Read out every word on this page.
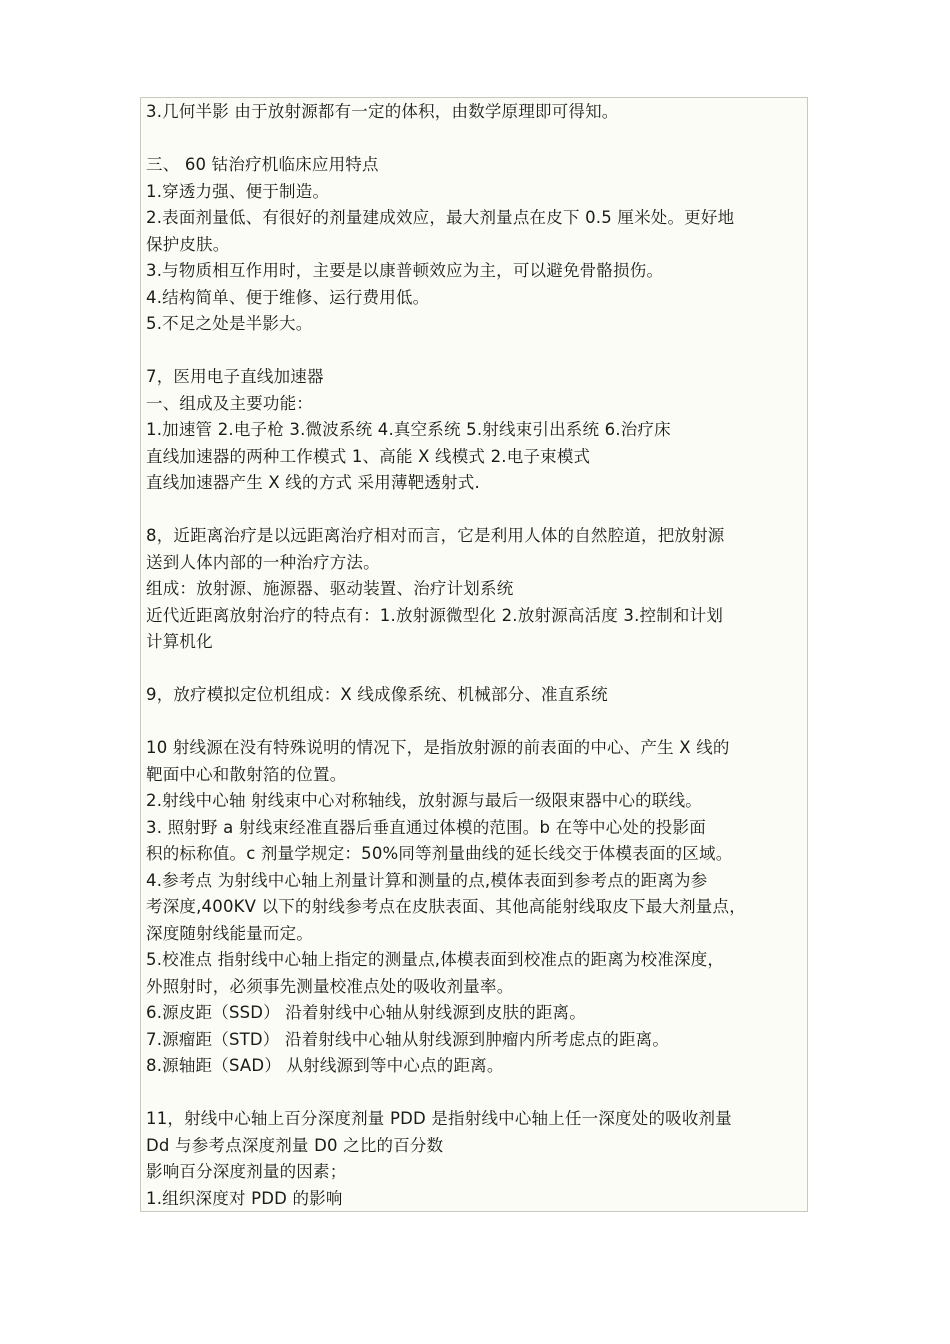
3.几何半影 由于放射源都有一定的体积，由数学原理即可得知。
三、 60 钴治疗机临床应用特点
1.穿透力强、便于制造。
2.表面剂量低、有很好的剂量建成效应，最大剂量点在皮下 0.5 厘米处。更好地
保护皮肤。
3.与物质相互作用时，主要是以康普顿效应为主，可以避免骨骼损伤。
4.结构简单、便于维修、运行费用低。
5.不足之处是半影大。
7，医用电子直线加速器
一、组成及主要功能：
1.加速管 2.电子枪 3.微波系统 4.真空系统 5.射线束引出系统 6.治疗床
直线加速器的两种工作模式 1、高能 X 线模式 2.电子束模式
直线加速器产生 X 线的方式 采用薄靶透射式.
8，近距离治疗是以远距离治疗相对而言，它是利用人体的自然腔道，把放射源
送到人体内部的一种治疗方法。
组成：放射源、施源器、驱动装置、治疗计划系统
近代近距离放射治疗的特点有：1.放射源微型化 2.放射源高活度 3.控制和计划
计算机化
9，放疗模拟定位机组成：X 线成像系统、机械部分、准直系统
10 射线源在没有特殊说明的情况下，是指放射源的前表面的中心、产生 X 线的
靶面中心和散射箔的位置。
2.射线中心轴 射线束中心对称轴线，放射源与最后一级限束器中心的联线。
3. 照射野 a 射线束经准直器后垂直通过体模的范围。b 在等中心处的投影面
积的标称值。c 剂量学规定：50%同等剂量曲线的延长线交于体模表面的区域。
4.参考点 为射线中心轴上剂量计算和测量的点,模体表面到参考点的距离为参
考深度,400KV 以下的射线参考点在皮肤表面、其他高能射线取皮下最大剂量点，
深度随射线能量而定。
5.校准点 指射线中心轴上指定的测量点,体模表面到校准点的距离为校准深度，
外照射时，必须事先测量校准点处的吸收剂量率。
6.源皮距（SSD） 沿着射线中心轴从射线源到皮肤的距离。
7.源瘤距（STD） 沿着射线中心轴从射线源到肿瘤内所考虑点的距离。
8.源轴距（SAD） 从射线源到等中心点的距离。
11，射线中心轴上百分深度剂量 PDD 是指射线中心轴上任一深度处的吸收剂量
Dd 与参考点深度剂量 D0 之比的百分数
影响百分深度剂量的因素；
1.组织深度对 PDD 的影响
